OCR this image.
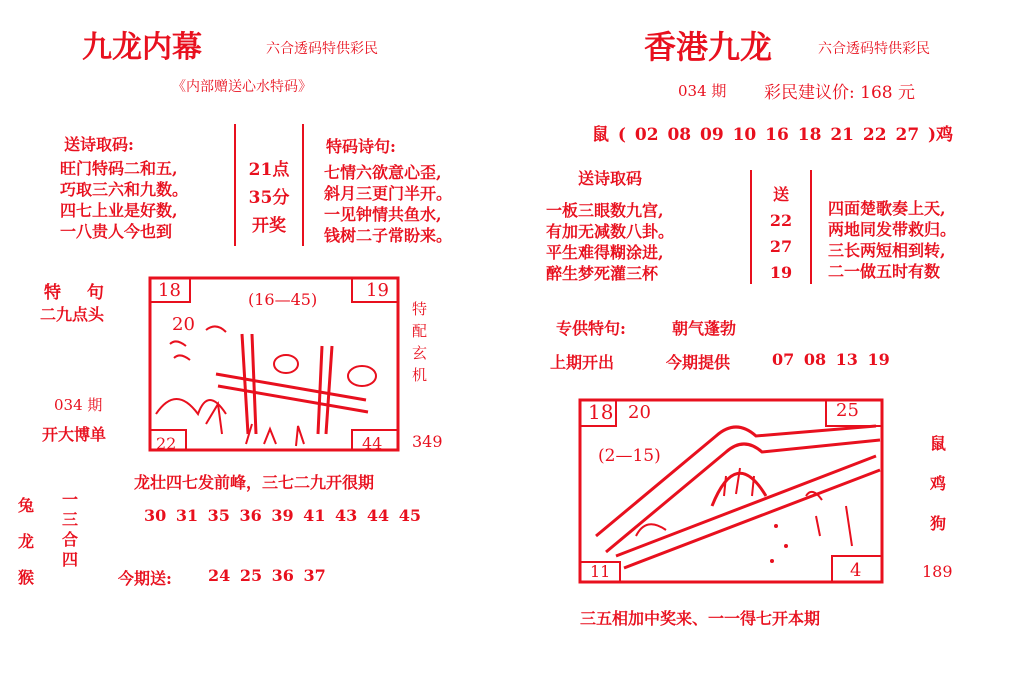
九龙内幕	六合透码特供彩民
《内部赠送心水特码》
送诗取码:
旺门特码二和五,
巧取三六和九数。
四七上业是好数,
一八贵人今也到
21点
35分
开奖
特码诗句:
七情六欲意心歪,
斜月三更门半开。
一见钟情共鱼水,
钱树二子常盼来。
特 句
二九点头
034 期
开大博单
18	19
22	44
(16—45)
20
特
配
玄
机
349
龙壮四七发前峰，三七二九开很期
30 31 35 36 39 41 43 44 45
兔
龙
猴
一
三
合
四
今期送: 24 25 36 37
香港九龙	六合透码特供彩民
034 期 彩民建议价: 168 元
鼠 ( 02 08 09 10 16 18 21 22 27 )鸡
送诗取码
一板三眼数九宫,
有加无减数八卦。
平生难得糊涂进,
醉生梦死灌三杯
送
22
27
19
四面楚歌奏上天,
两地同发带救归。
三长两短相到转,
二一做五时有数
专供特句:	朝气蓬勃
上期开出	今期提供	07 08 13 19
18	25
11	4
(2—15)
20
鼠
鸡
狗
189
三五相加中奖来、一一得七开本期
